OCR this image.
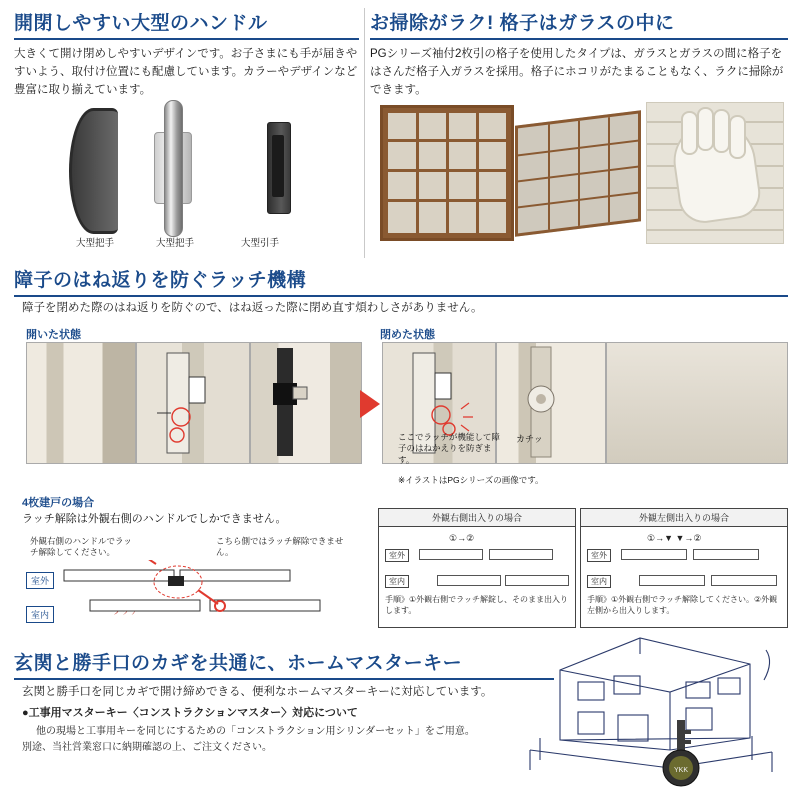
開閉しやすい大型のハンドル
大きくて開け閉めしやすいデザインです。お子さまにも手が届きやすいよう、取付け位置にも配慮しています。カラーやデザインなど豊富に取り揃えています。
大型把手	大型把手	大型引手
お掃除がラク! 格子はガラスの中に
PGシリーズ袖付2枚引の格子を使用したタイプは、ガラスとガラスの間に格子をはさんだ格子入ガラスを採用。格子にホコリがたまることもなく、ラクに掃除ができます。
障子のはね返りを防ぐラッチ機構
障子を閉めた際のはね返りを防ぐので、はね返った際に閉め直す煩わしさがありません。
開いた状態	閉めた状態
ここでラッチが機能して障子のはねかえりを防ぎます。
カチッ
※イラストはPGシリーズの画像です。
4枚建戸の場合
ラッチ解除は外観右側のハンドルでしかできません。
外観右側のハンドルでラッチ解除してください。
こちら側ではラッチ解除できません。
室外
室内
外観右側出入りの場合
①→②
室外
室内
手順》①外観右側でラッチ解錠し、そのまま出入りします。
外観左側出入りの場合
①→▼ ▼→②
室外
室内
手順》①外観右側でラッチ解除してください。②外観左側から出入りします。
玄関と勝手口のカギを共通に、ホームマスターキー
玄関と勝手口を同じカギで開け締めできる、便利なホームマスターキーに対応しています。
●工事用マスターキー〈コンストラクションマスター〉対応について
他の現場と工事用キーを同じにするための「コンストラクション用シリンダーセット」をご用意。
別途、当社営業窓口に納期確認の上、ご注文ください。
YKK
